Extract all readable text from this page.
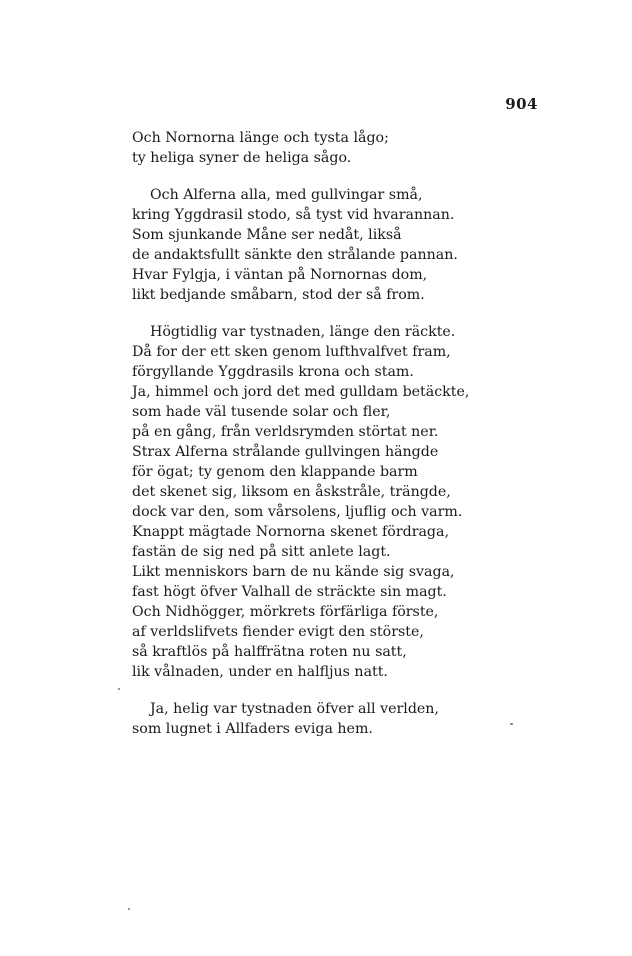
904
Och Nornorna länge och tysta lågo;
ty heliga syner de heliga sågo.
Och Alferna alla, med gullvingar små,
kring Yggdrasil stodo, så tyst vid hvarannan.
Som sjunkande Måne ser nedåt, likså
de andaktsfullt sänkte den strålande pannan.
Hvar Fylgja, i väntan på Nornornas dom,
likt bedjande småbarn, stod der så from.
Högtidlig var tystnaden, länge den räckte.
Då for der ett sken genom lufthvalfvet fram,
förgyllande Yggdrasils krona och stam.
Ja, himmel och jord det med gulldam betäckte,
som hade väl tusende solar och fler,
på en gång, från verldsrymden störtat ner.
Strax Alferna strålande gullvingen hängde
för ögat; ty genom den klappande barm
det skenet sig, liksom en åskstråle, trängde,
dock var den, som vårsolens, ljuflig och varm.
Knappt mägtade Nornorna skenet fördraga,
fastän de sig ned på sitt anlete lagt.
Likt menniskors barn de nu kände sig svaga,
fast högt öfver Valhall de sträckte sin magt.
Och Nidhögger, mörkrets förfärliga förste,
af verldslifvets fiender evigt den störste,
så kraftlös på halffrätna roten nu satt,
lik vålnaden, under en halfljus natt.
Ja, helig var tystnaden öfver all verlden,
som lugnet i Allfaders eviga hem.
